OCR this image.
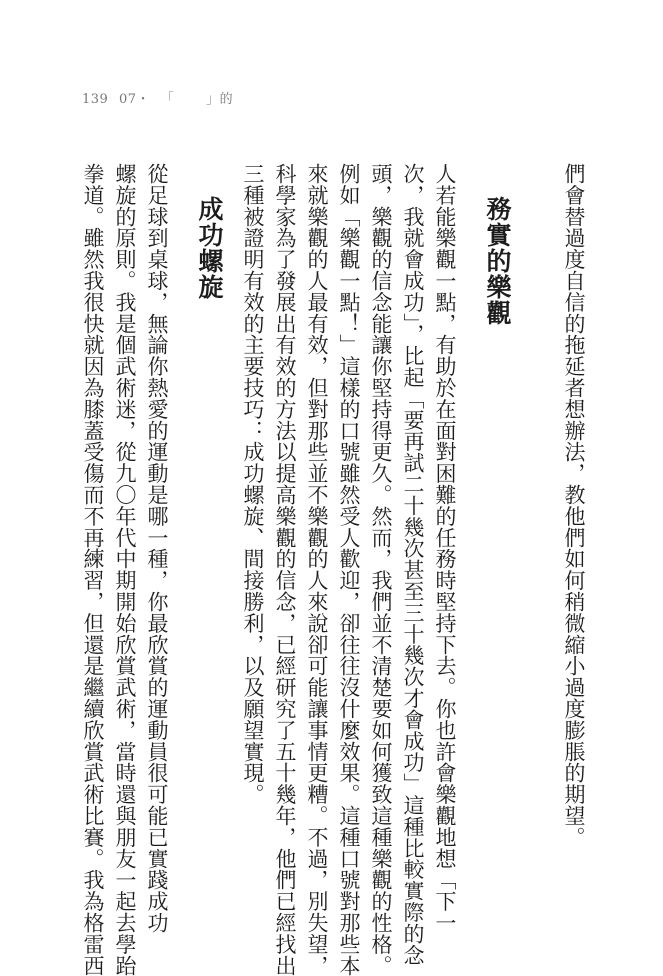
139 07・ 「 」的
們會替過度自信的拖延者想辦法，教他們如何稍微縮小過度膨脹的期望。
務實的樂觀
人若能樂觀一點，有助於在面對困難的任務時堅持下去。你也許會樂觀地想「下一
次，我就會成功」，比起「要再試二十幾次甚至三十幾次才會成功」這種比較實際的念
頭，樂觀的信念能讓你堅持得更久。然而，我們並不清楚要如何獲致這種樂觀的性格。
例如「樂觀一點！」這樣的口號雖然受人歡迎，卻往往沒什麼效果。這種口號對那些本
來就樂觀的人最有效，但對那些並不樂觀的人來說卻可能讓事情更糟。不過，別失望，
科學家為了發展出有效的方法以提高樂觀的信念，已經研究了五十幾年，他們已經找出
三種被證明有效的主要技巧：成功螺旋、間接勝利，以及願望實現。
成功螺旋
從足球到桌球，無論你熱愛的運動是哪一種，你最欣賞的運動員很可能已實踐成功
螺旋的原則。我是個武術迷，從九〇年代中期開始欣賞武術，當時還與朋友一起去學跆
拳道。雖然我很快就因為膝蓋受傷而不再練習，但還是繼續欣賞武術比賽。我為格雷西
